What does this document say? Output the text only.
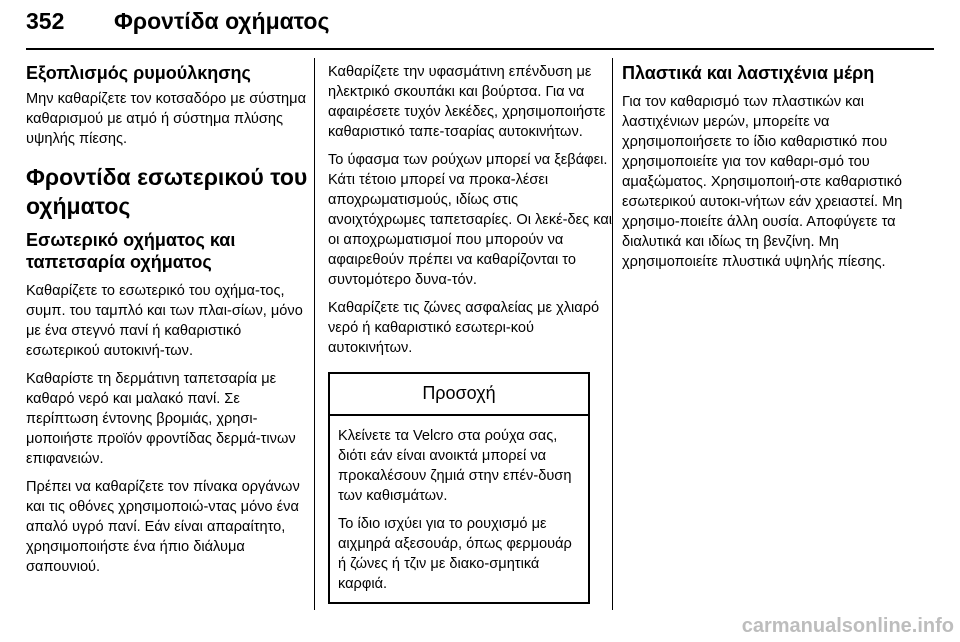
352 Φροντίδα οχήματος
Εξοπλισμός ρυμούλκησης

Μην καθαρίζετε τον κοτσαδόρο με σύστημα καθαρισμού με ατμό ή σύστημα πλύσης υψηλής πίεσης.

Φροντίδα εσωτερικού του οχήματος
Εσωτερικό οχήματος και ταπετσαρία οχήματος

Καθαρίζετε το εσωτερικό του οχήμα-τος, συμπ. του ταμπλό και των πλαι-σίων, μόνο με ένα στεγνό πανί ή καθαριστικό εσωτερικού αυτοκινή-των.

Καθαρίστε τη δερμάτινη ταπετσαρία με καθαρό νερό και μαλακό πανί. Σε περίπτωση έντονης βρομιάς, χρησι-μοποιήστε προϊόν φροντίδας δερμά-τινων επιφανειών.

Πρέπει να καθαρίζετε τον πίνακα οργάνων και τις οθόνες χρησιμοποιώ-ντας μόνο ένα απαλό υγρό πανί. Εάν είναι απαραίτητο, χρησιμοποιήστε ένα ήπιο διάλυμα σαπουνιού.

Καθαρίζετε την υφασμάτινη επένδυση με ηλεκτρικό σκουπάκι και βούρτσα. Για να αφαιρέσετε τυχόν λεκέδες, χρησιμοποιήστε καθαριστικό ταπε-τσαρίας αυτοκινήτων.

Το ύφασμα των ρούχων μπορεί να ξεβάφει. Κάτι τέτοιο μπορεί να προκα-λέσει αποχρωματισμούς, ιδίως στις ανοιχτόχρωμες ταπετσαρίες. Οι λεκέ-δες και οι αποχρωματισμοί που μπορούν να αφαιρεθούν πρέπει να καθαρίζονται το συντομότερο δυνα-τόν.

Καθαρίζετε τις ζώνες ασφαλείας με χλιαρό νερό ή καθαριστικό εσωτερι-κού αυτοκινήτων.

Προσοχή

Κλείνετε τα Velcro στα ρούχα σας, διότι εάν είναι ανοικτά μπορεί να προκαλέσουν ζημιά στην επέν-δυση των καθισμάτων.

Το ίδιο ισχύει για το ρουχισμό με αιχμηρά αξεσουάρ, όπως φερμουάρ ή ζώνες ή τζιν με διακο-σμητικά καρφιά.

Πλαστικά και λαστιχένια μέρη

Για τον καθαρισμό των πλαστικών και λαστιχένιων μερών, μπορείτε να χρησιμοποιήσετε το ίδιο καθαριστικό που χρησιμοποιείτε για τον καθαρι-σμό του αμαξώματος. Χρησιμοποιή-στε καθαριστικό εσωτερικού αυτοκι-νήτων εάν χρειαστεί. Μη χρησιμο-ποιείτε άλλη ουσία. Αποφύγετε τα διαλυτικά και ιδίως τη βενζίνη. Μη χρησιμοποιείτε πλυστικά υψηλής πίεσης.

carmanualsonline.info
